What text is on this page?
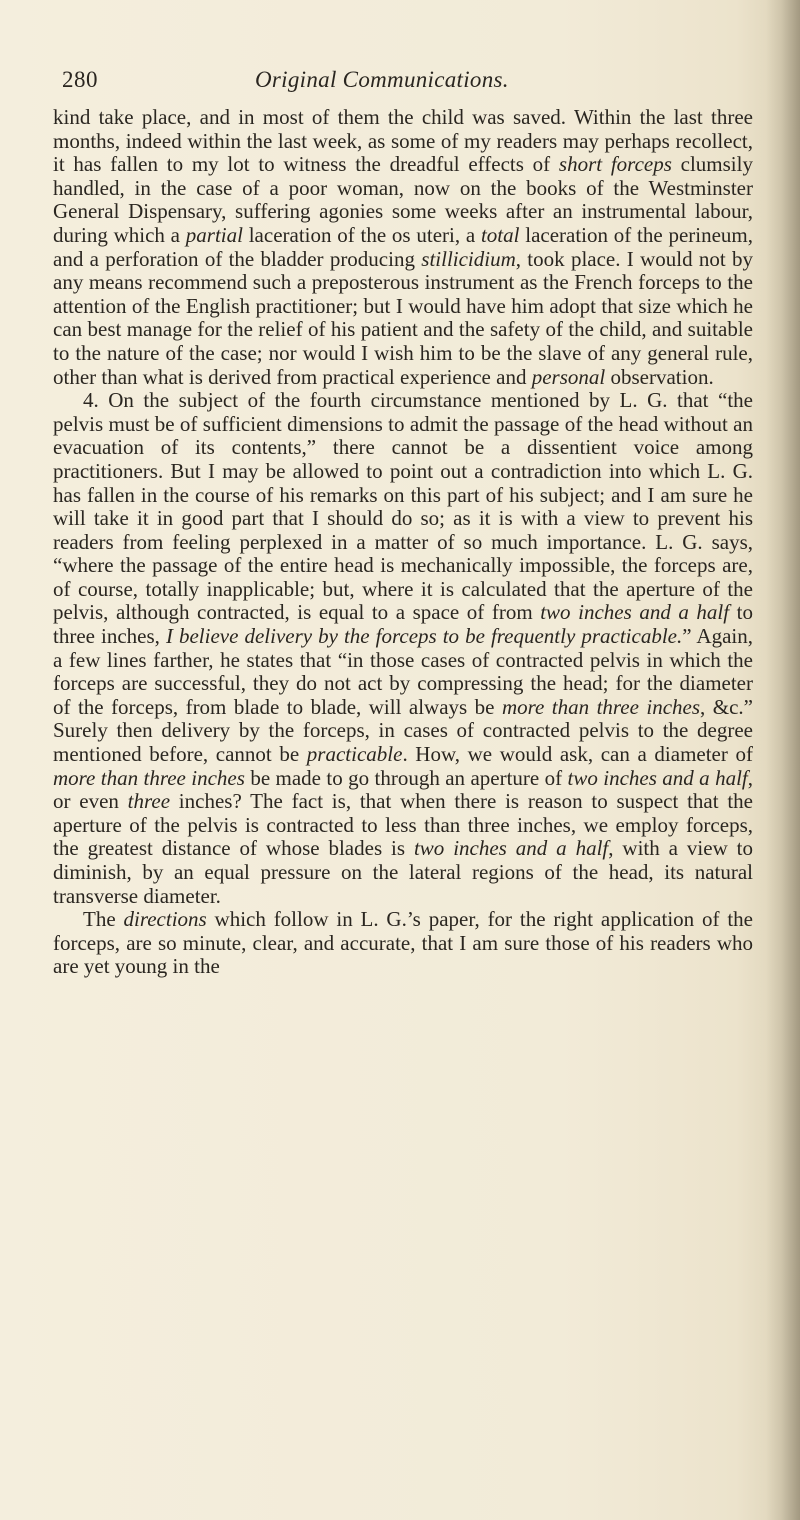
280	Original Communications.

kind take place, and in most of them the child was saved. Within the last three months, indeed within the last week, as some of my readers may perhaps recollect, it has fallen to my lot to witness the dreadful effects of short forceps clumsily handled, in the case of a poor woman, now on the books of the Westminster General Dispensary, suffering agonies some weeks after an instrumental labour, during which a partial laceration of the os uteri, a total laceration of the perineum, and a perforation of the bladder producing stillicidium, took place. I would not by any means recommend such a preposterous instrument as the French forceps to the attention of the English practitioner; but I would have him adopt that size which he can best manage for the relief of his patient and the safety of the child, and suitable to the nature of the case; nor would I wish him to be the slave of any general rule, other than what is derived from practical experience and personal observation.

4. On the subject of the fourth circumstance mentioned by L. G. that “the pelvis must be of sufficient dimensions to admit the passage of the head without an evacuation of its contents,” there cannot be a dissentient voice among practitioners. But I may be allowed to point out a contradiction into which L. G. has fallen in the course of his remarks on this part of his subject; and I am sure he will take it in good part that I should do so; as it is with a view to prevent his readers from feeling perplexed in a matter of so much importance. L. G. says, “where the passage of the entire head is mechanically impossible, the forceps are, of course, totally inapplicable; but, where it is calculated that the aperture of the pelvis, although contracted, is equal to a space of from two inches and a half to three inches, I believe delivery by the forceps to be frequently practicable.” Again, a few lines farther, he states that “in those cases of contracted pelvis in which the forceps are successful, they do not act by compressing the head; for the diameter of the forceps, from blade to blade, will always be more than three inches, &c.” Surely then delivery by the forceps, in cases of contracted pelvis to the degree mentioned before, cannot be practicable. How, we would ask, can a diameter of more than three inches be made to go through an aperture of two inches and a half, or even three inches? The fact is, that when there is reason to suspect that the aperture of the pelvis is contracted to less than three inches, we employ forceps, the greatest distance of whose blades is two inches and a half, with a view to diminish, by an equal pressure on the lateral regions of the head, its natural transverse diameter.

The directions which follow in L. G.’s paper, for the right application of the forceps, are so minute, clear, and accurate, that I am sure those of his readers who are yet young in the
